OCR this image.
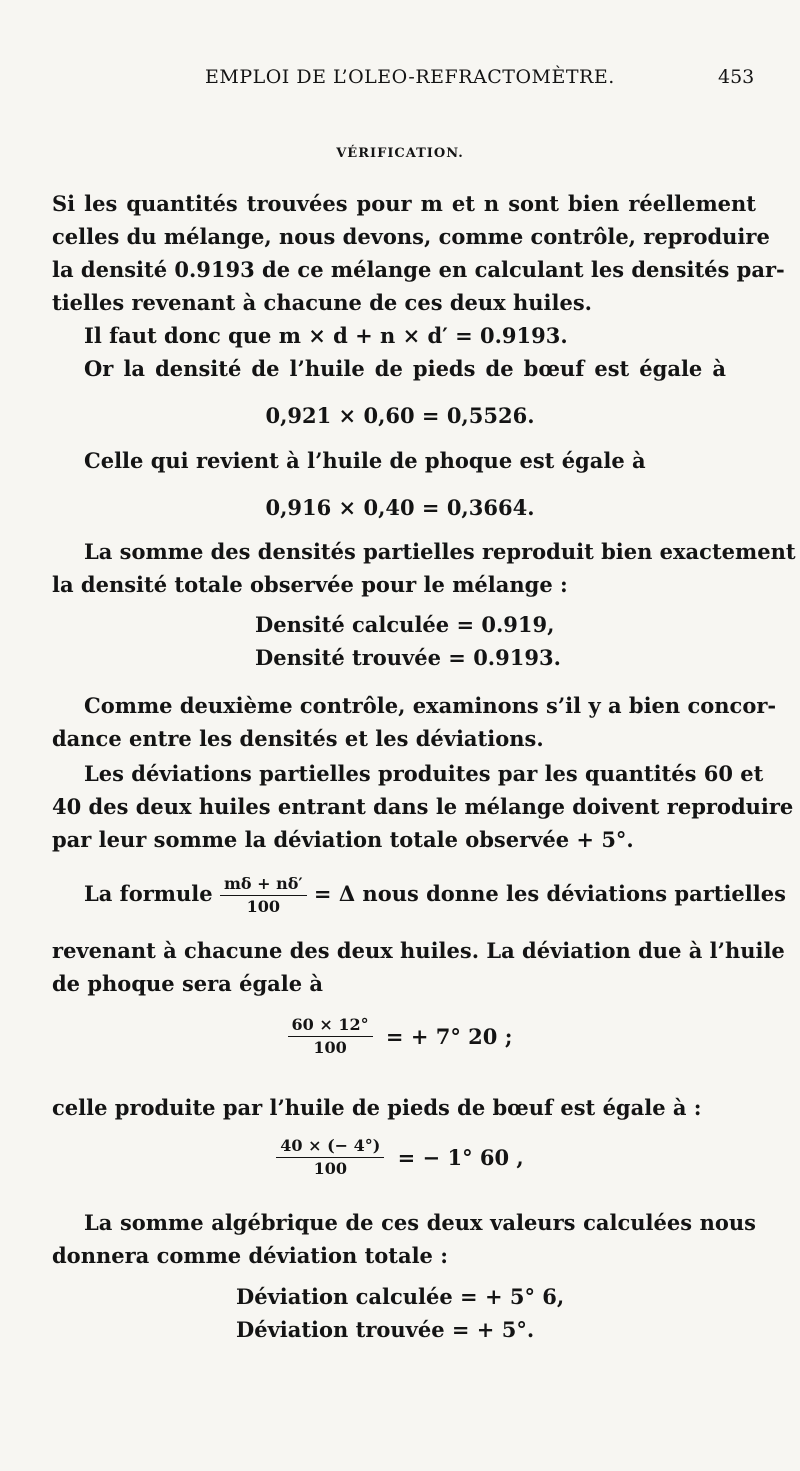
EMPLOI DE L’OLEO-REFRACTOMÈTRE.	453
VÉRIFICATION.
Si les quantités trouvées pour m et n sont bien réellement
celles du mélange, nous devons, comme contrôle, reproduire
la densité 0.9193 de ce mélange en calculant les densités par-
tielles revenant à chacune de ces deux huiles.
Il faut donc que m × d + n × d′ = 0.9193.
Or la densité de l’huile de pieds de bœuf est égale à
0,921 × 0,60 = 0,5526.
Celle qui revient à l’huile de phoque est égale à
0,916 × 0,40 = 0,3664.
La somme des densités partielles reproduit bien exactement
la densité totale observée pour le mélange :
Densité calculée = 0.919,
Densité trouvée = 0.9193.
Comme deuxième contrôle, examinons s’il y a bien concor-
dance entre les densités et les déviations.
Les déviations partielles produites par les quantités 60 et
40 des deux huiles entrant dans le mélange doivent reproduire
par leur somme la déviation totale observée + 5°.
La formule $\frac{m\delta + n\delta'}{100} = \Delta$ nous donne les déviations partielles
revenant à chacune des deux huiles. La déviation due à l’huile
de phoque sera égale à
$\frac{60 \times 12^\circ}{100}$ = + 7° 20 ;
celle produite par l’huile de pieds de bœuf est égale à :
$\frac{40 \times (- 4^\circ)}{100}$ = − 1° 60 ,
La somme algébrique de ces deux valeurs calculées nous
donnera comme déviation totale :
Déviation calculée = + 5° 6,
Déviation trouvée = + 5°.
